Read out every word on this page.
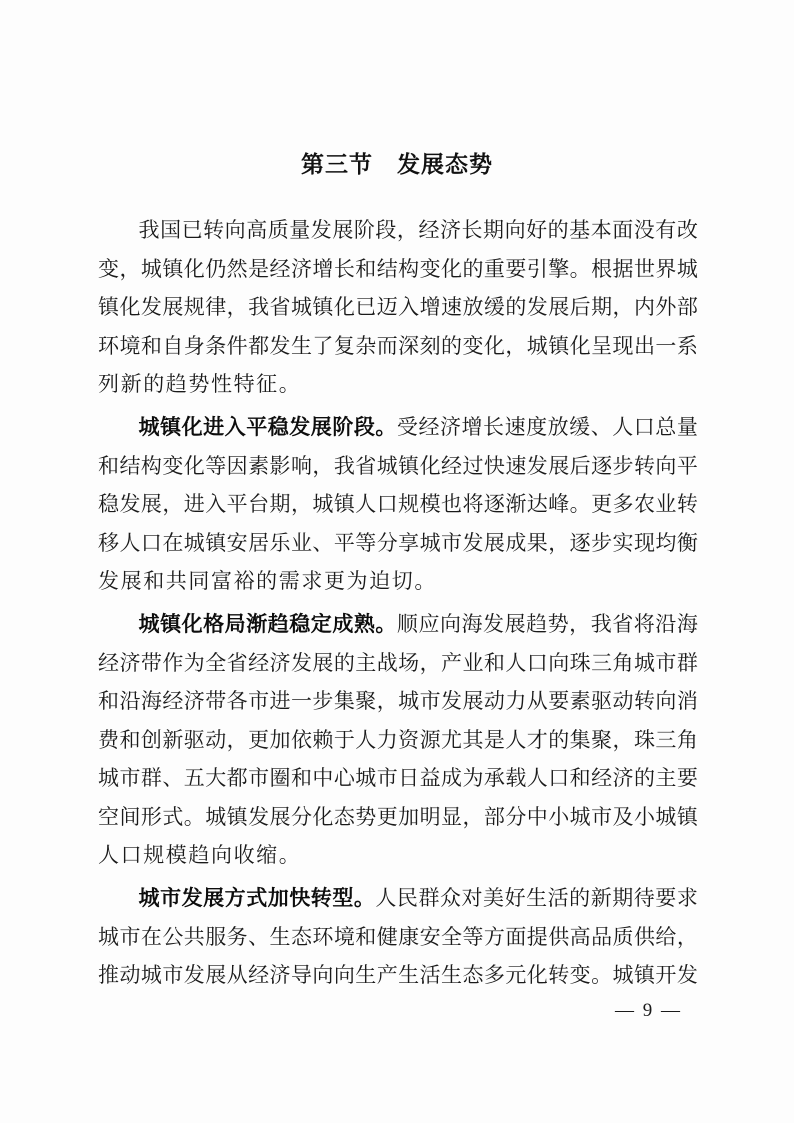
第三节　发展态势
我 国 已 转 向 高 质 量 发 展 阶 段 ， 经 济 长 期 向 好 的 基 本 面 没 有 改
变 ， 城 镇 化 仍 然 是 经 济 增 长 和 结 构 变 化 的 重 要 引 擎 。 根 据 世 界 城
镇 化 发 展 规 律 ， 我 省 城 镇 化 已 迈 入 增 速 放 缓 的 发 展 后 期 ， 内 外 部
环 境 和 自 身 条 件 都 发 生 了 复 杂 而 深 刻 的 变 化 ， 城 镇 化 呈 现 出 一 系
列 新 的 趋 势 性 特 征 。
城 镇 化 进 入 平 稳 发 展 阶 段 。 受 经 济 增 长 速 度 放 缓 、 人 口 总 量
和 结 构 变 化 等 因 素 影 响 ， 我 省 城 镇 化 经 过 快 速 发 展 后 逐 步 转 向 平
稳 发 展 ， 进 入 平 台 期 ， 城 镇 人 口 规 模 也 将 逐 渐 达 峰 。 更 多 农 业 转
移 人 口 在 城 镇 安 居 乐 业 、 平 等 分 享 城 市 发 展 成 果 ， 逐 步 实 现 均 衡
发 展 和 共 同 富 裕 的 需 求 更 为 迫 切 。
城 镇 化 格 局 渐 趋 稳 定 成 熟 。 顺 应 向 海 发 展 趋 势 ， 我 省 将 沿 海
经 济 带 作 为 全 省 经 济 发 展 的 主 战 场 ， 产 业 和 人 口 向 珠 三 角 城 市 群
和 沿 海 经 济 带 各 市 进 一 步 集 聚 ， 城 市 发 展 动 力 从 要 素 驱 动 转 向 消
费 和 创 新 驱 动 ， 更 加 依 赖 于 人 力 资 源 尤 其 是 人 才 的 集 聚 ， 珠 三 角
城 市 群 、 五 大 都 市 圈 和 中 心 城 市 日 益 成 为 承 载 人 口 和 经 济 的 主 要
空 间 形 式 。 城 镇 发 展 分 化 态 势 更 加 明 显 ， 部 分 中 小 城 市 及 小 城 镇
人 口 规 模 趋 向 收 缩 。
城 市 发 展 方 式 加 快 转 型 。 人 民 群 众 对 美 好 生 活 的 新 期 待 要 求
城 市 在 公 共 服 务 、 生 态 环 境 和 健 康 安 全 等 方 面 提 供 高 品 质 供 给 ，
推 动 城 市 发 展 从 经 济 导 向 向 生 产 生 活 生 态 多 元 化 转 变 。 城 镇 开 发
— 9 —
